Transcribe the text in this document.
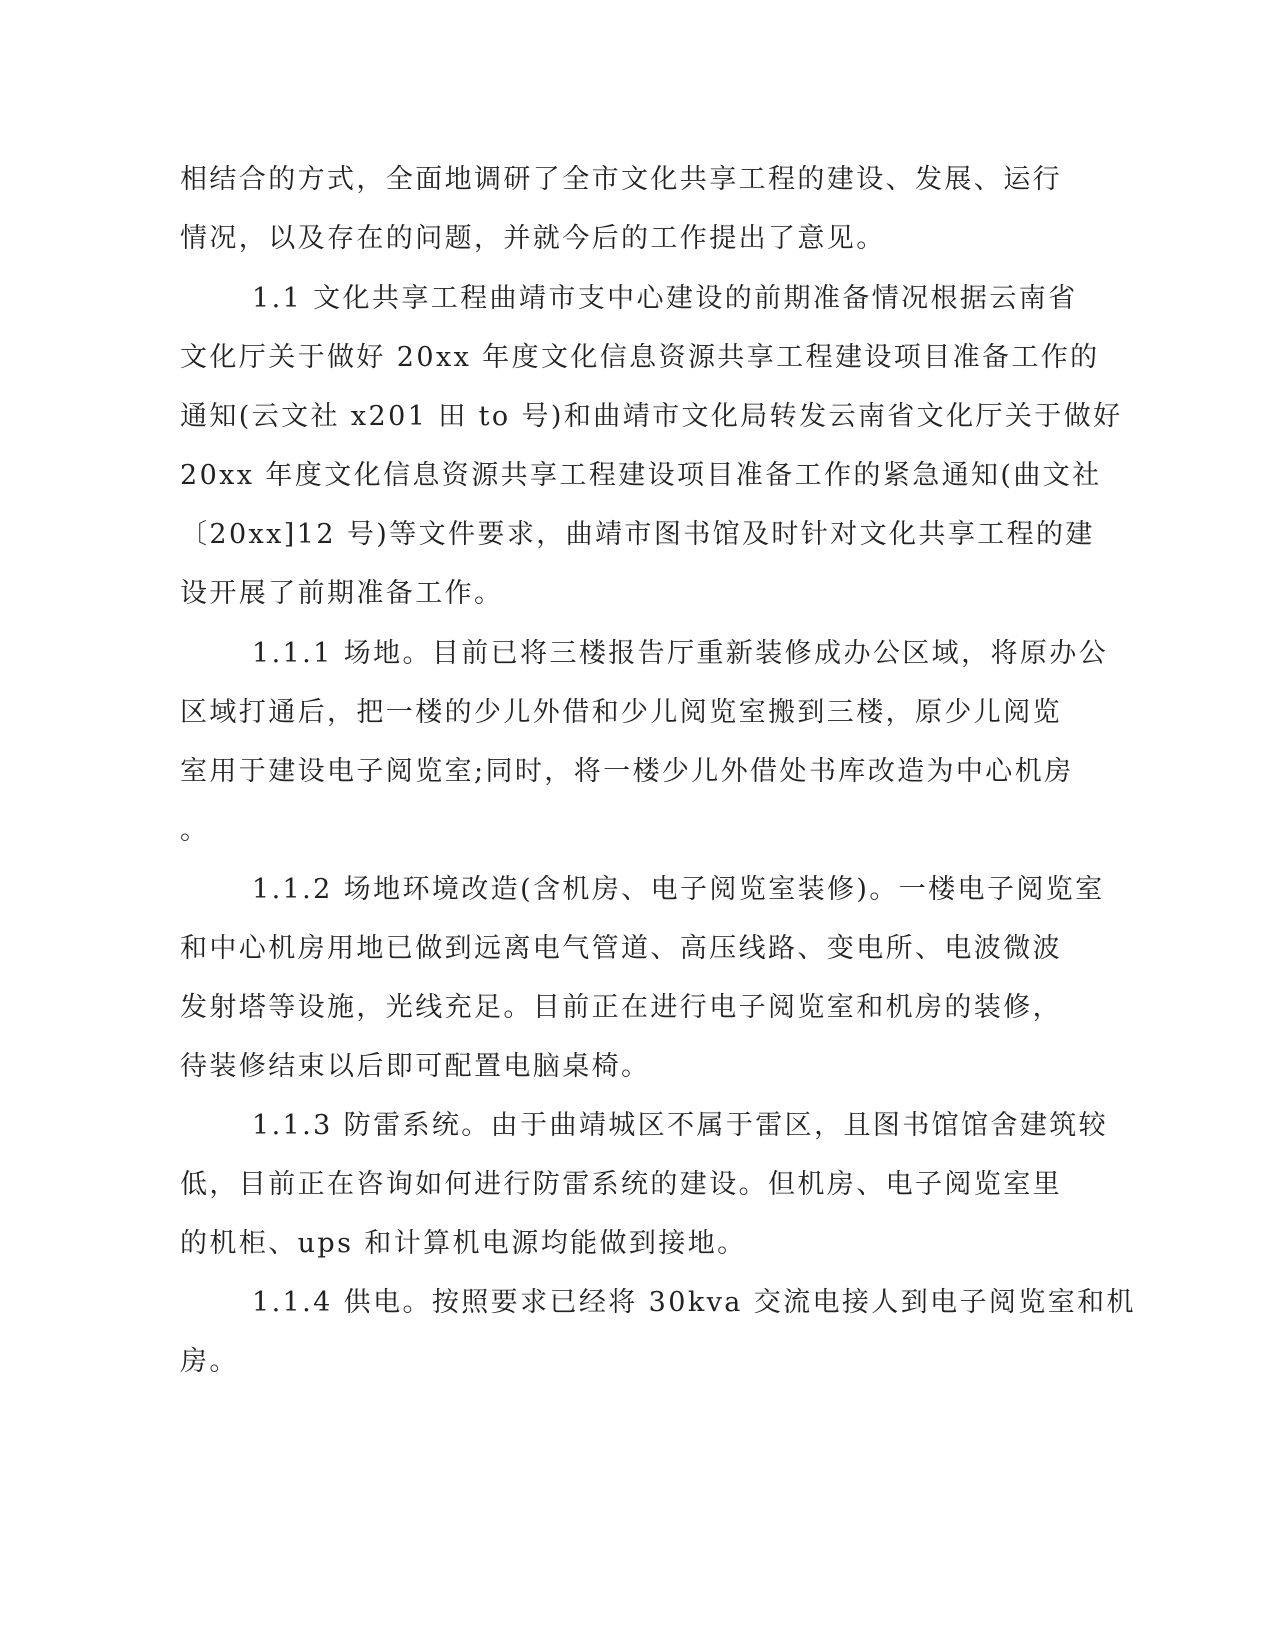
相结合的方式，全面地调研了全市文化共享工程的建设、发展、运行
情况，以及存在的问题，并就今后的工作提出了意见。
1.1 文化共享工程曲靖市支中心建设的前期准备情况根据云南省
文化厅关于做好 20xx 年度文化信息资源共享工程建设项目准备工作的
通知(云文社 x201 田 to 号)和曲靖市文化局转发云南省文化厅关于做好
20xx 年度文化信息资源共享工程建设项目准备工作的紧急通知(曲文社
〔20xx]12 号)等文件要求，曲靖市图书馆及时针对文化共享工程的建
设开展了前期准备工作。
1.1.1 场地。目前已将三楼报告厅重新装修成办公区域，将原办公
区域打通后，把一楼的少儿外借和少儿阅览室搬到三楼，原少儿阅览
室用于建设电子阅览室;同时，将一楼少儿外借处书库改造为中心机房
。
1.1.2 场地环境改造(含机房、电子阅览室装修)。一楼电子阅览室
和中心机房用地已做到远离电气管道、高压线路、变电所、电波微波
发射塔等设施，光线充足。目前正在进行电子阅览室和机房的装修，
待装修结束以后即可配置电脑桌椅。
1.1.3 防雷系统。由于曲靖城区不属于雷区，且图书馆馆舍建筑较
低，目前正在咨询如何进行防雷系统的建设。但机房、电子阅览室里
的机柜、ups 和计算机电源均能做到接地。
1.1.4 供电。按照要求已经将 30kva 交流电接人到电子阅览室和机
房。
